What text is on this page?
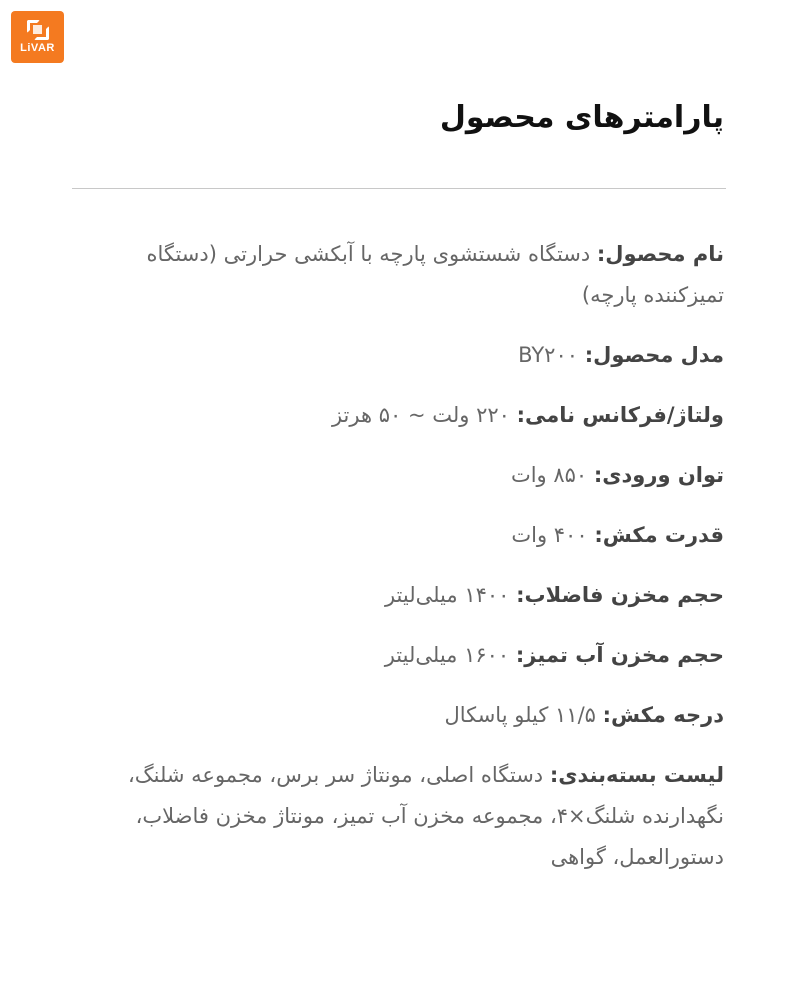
LiVAR
پارامترهای محصول

نام محصول: دستگاه شستشوی پارچه با آبکشی حرارتی (دستگاه تمیزکننده پارچه)

مدل محصول: BY۲۰۰

ولتاژ/فرکانس نامی: ۲۲۰ ولت ~ ۵۰ هرتز

توان ورودی: ۸۵۰ وات

قدرت مکش: ۴۰۰ وات

حجم مخزن فاضلاب: ۱۴۰۰ میلی‌لیتر

حجم مخزن آب تمیز: ۱۶۰۰ میلی‌لیتر

درجه مکش: ۱۱/۵ کیلو پاسکال

لیست بسته‌بندی: دستگاه اصلی، مونتاژ سر برس، مجموعه شلنگ، نگهدارنده شلنگ×۴، مجموعه مخزن آب تمیز، مونتاژ مخزن فاضلاب، دستورالعمل، گواهی
